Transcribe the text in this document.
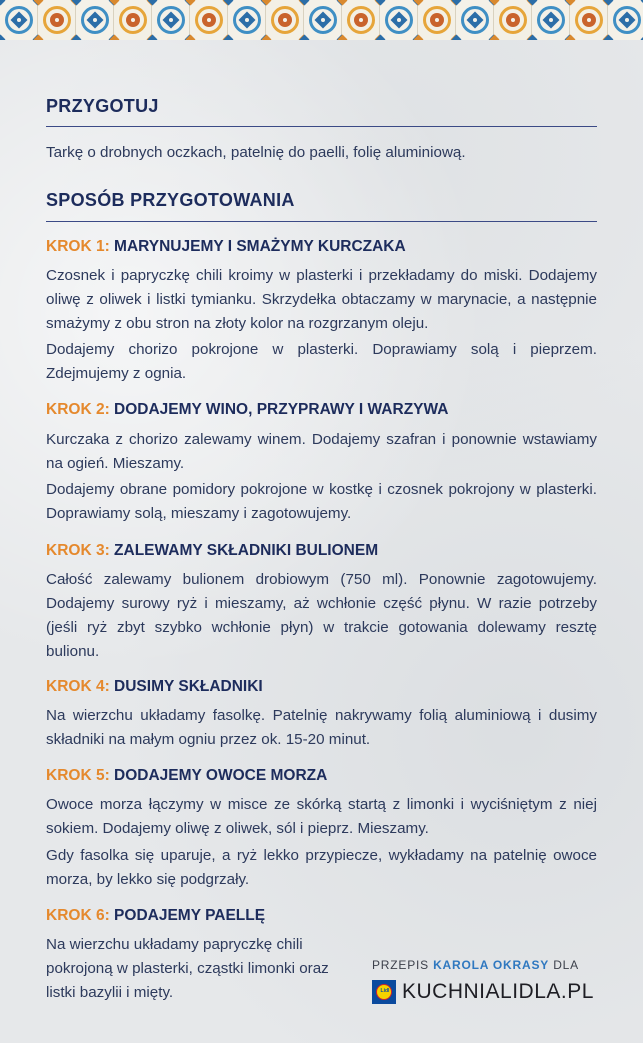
PRZYGOTUJ

Tarkę o drobnych oczkach, patelnię do paelli, folię aluminiową.

SPOSÓB PRZYGOTOWANIA
KROK 1: MARYNUJEMY I SMAŻYMY KURCZAKA

Czosnek i papryczkę chili kroimy w plasterki i przekładamy do miski. Dodajemy oliwę z oliwek i listki tymianku. Skrzydełka obtaczamy w marynacie, a następnie smażymy z obu stron na złoty kolor na rozgrzanym oleju.

Dodajemy chorizo pokrojone w plasterki. Doprawiamy solą i pieprzem. Zdejmujemy z ognia.

KROK 2: DODAJEMY WINO, PRZYPRAWY I WARZYWA

Kurczaka z chorizo zalewamy winem. Dodajemy szafran i ponownie wstawiamy na ogień. Mieszamy.

Dodajemy obrane pomidory pokrojone w kostkę i czosnek pokrojony w plasterki. Doprawiamy solą, mieszamy i zagotowujemy.

KROK 3: ZALEWAMY SKŁADNIKI BULIONEM

Całość zalewamy bulionem drobiowym (750 ml). Ponownie zagotowujemy. Dodajemy surowy ryż i mieszamy, aż wchłonie część płynu. W razie potrzeby (jeśli ryż zbyt szybko wchłonie płyn) w trakcie gotowania dolewamy resztę bulionu.

KROK 4: DUSIMY SKŁADNIKI

Na wierzchu układamy fasolkę. Patelnię nakrywamy folią aluminiową i dusimy składniki na małym ogniu przez ok. 15-20 minut.

KROK 5: DODAJEMY OWOCE MORZA

Owoce morza łączymy w misce ze skórką startą z limonki i wyciśniętym z niej sokiem. Dodajemy oliwę z oliwek, sól i pieprz. Mieszamy.

Gdy fasolka się uparuje, a ryż lekko przypiecze, wykładamy na patelnię owoce morza, by lekko się podgrzały.

KROK 6: PODAJEMY PAELLĘ

Na wierzchu układamy papryczkę chili pokrojoną w plasterki, cząstki limonki oraz listki bazylii i mięty.

PRZEPIS KAROLA OKRASY DLA
Lidl KUCHNIALIDLA.PL
